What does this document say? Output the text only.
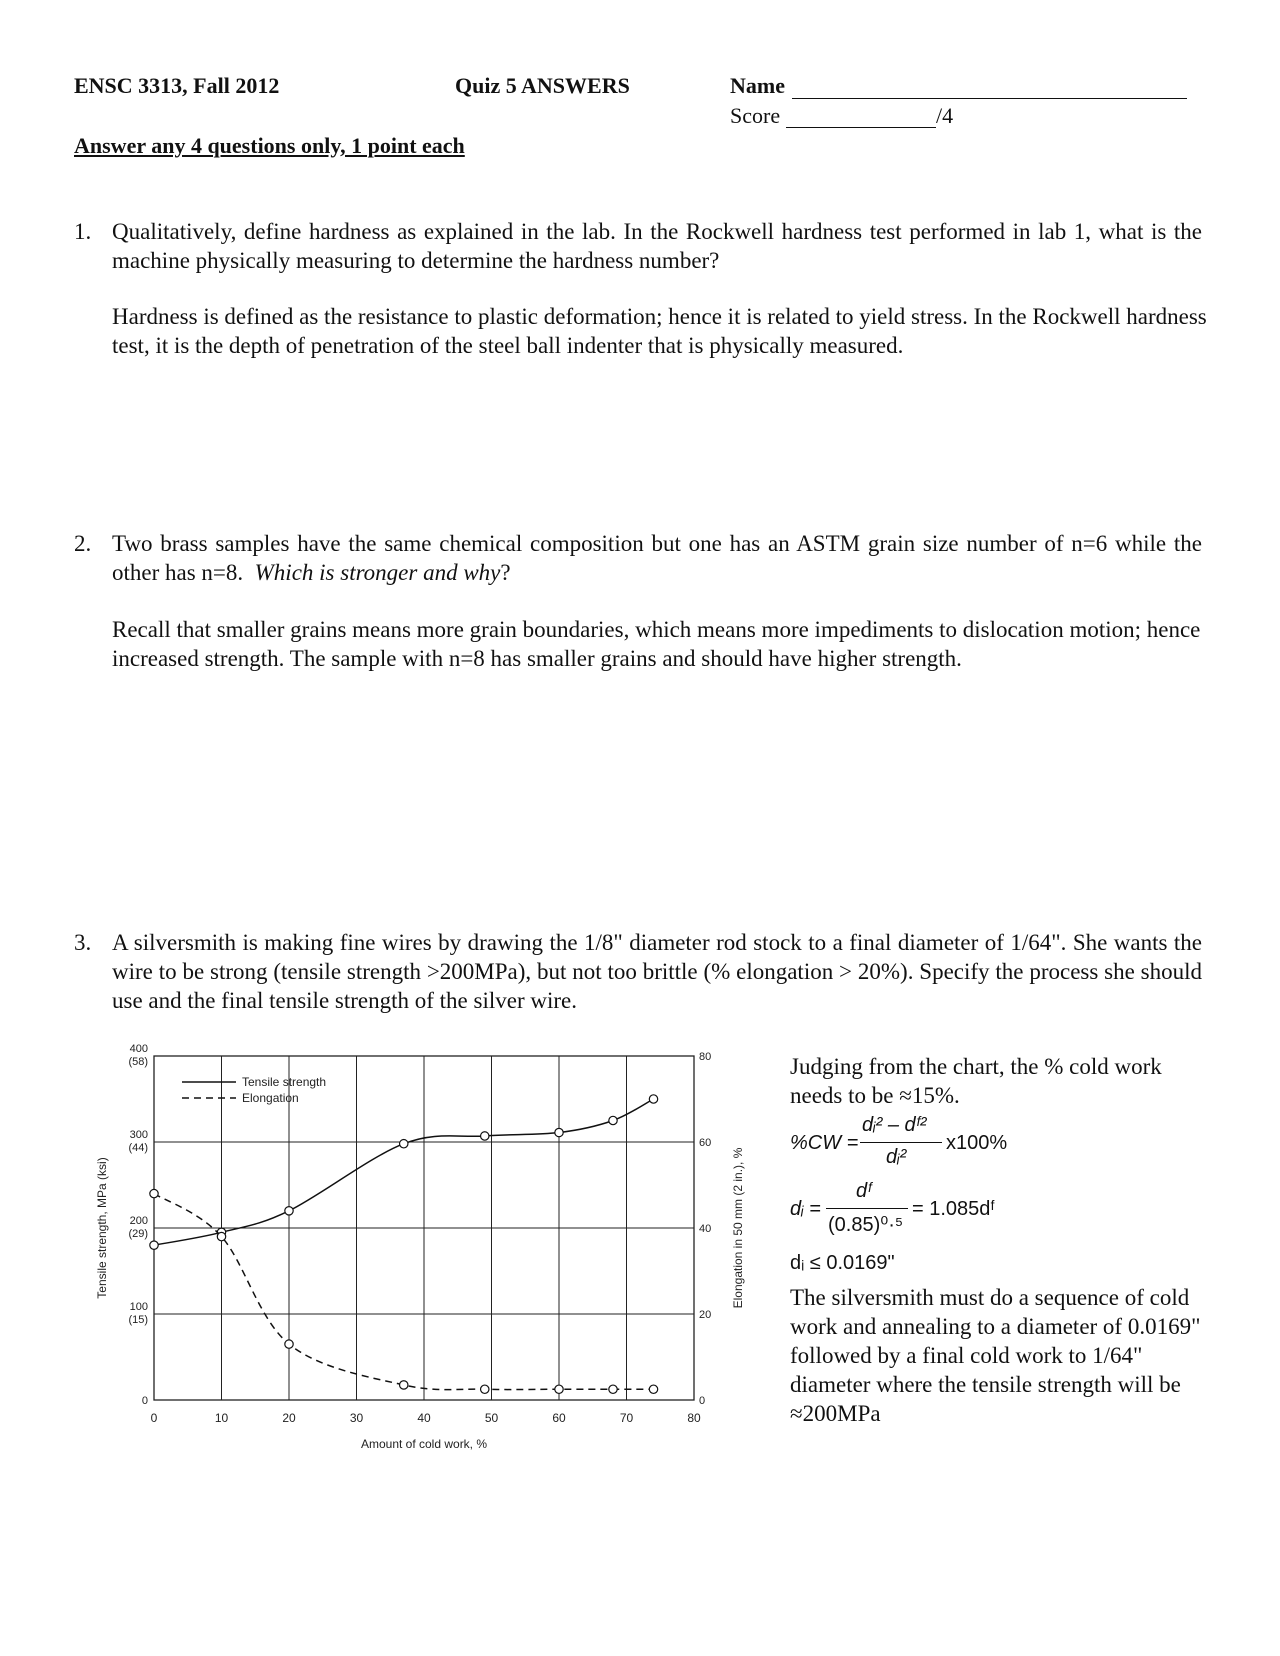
ENSC 3313, Fall 2012	Quiz 5 ANSWERS	Name
Score	/4
Answer any 4 questions only, 1 point each
1. Qualitatively, define hardness as explained in the lab. In the Rockwell hardness test performed in lab 1, what is the machine physically measuring to determine the hardness number?
Hardness is defined as the resistance to plastic deformation; hence it is related to yield stress. In the Rockwell hardness test, it is the depth of penetration of the steel ball indenter that is physically measured.
2. Two brass samples have the same chemical composition but one has an ASTM grain size number of n=6 while the other has n=8. Which is stronger and why?
Recall that smaller grains means more grain boundaries, which means more impediments to dislocation motion; hence increased strength. The sample with n=8 has smaller grains and should have higher strength.
3. A silversmith is making fine wires by drawing the 1/8" diameter rod stock to a final diameter of 1/64". She wants the wire to be strong (tensile strength >200MPa), but not too brittle (% elongation > 20%). Specify the process she should use and the final tensile strength of the silver wire.
0	10	20	30	40	50	60	70	80
0
100
(15)
200
(29)
300
(44)
400
(58)
0
20
40
60
80
Amount of cold work, %
Tensile strength, MPa (ksi)	Elongation in 50 mm (2 in.), %
Tensile strength
Elongation
Judging from the chart, the % cold work needs to be ≈15%.
%CW =
dᵢ² – dᶠ²
dᵢ²
x100%
dᵢ =
dᶠ
(0.85)⁰·⁵
= 1.085dᶠ
dᵢ ≤ 0.0169"
The silversmith must do a sequence of cold work and annealing to a diameter of 0.0169" followed by a final cold work to 1/64" diameter where the tensile strength will be ≈200MPa
